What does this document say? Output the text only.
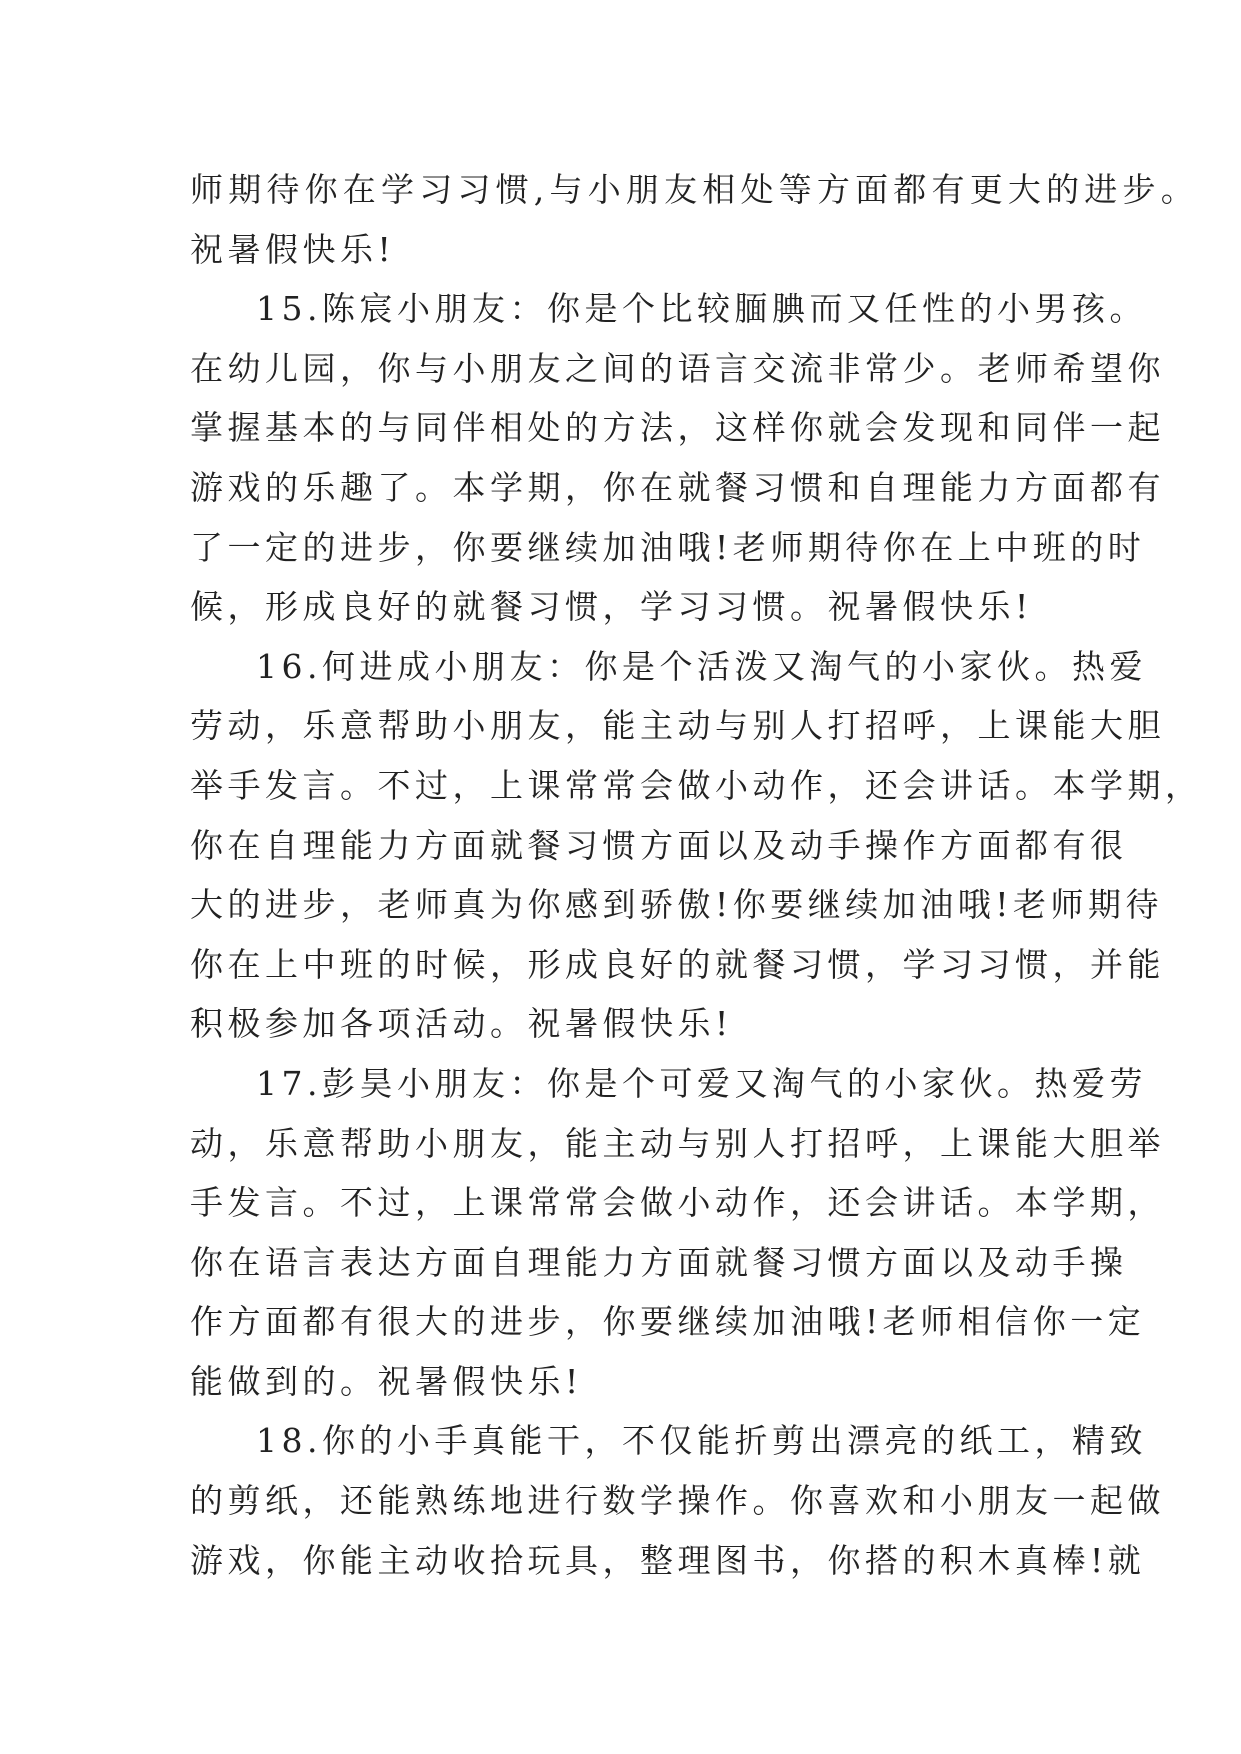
师期待你在学习习惯,与小朋友相处等方面都有更大的进步。
祝暑假快乐!
15.陈宸小朋友：你是个比较腼腆而又任性的小男孩。
在幼儿园，你与小朋友之间的语言交流非常少。老师希望你
掌握基本的与同伴相处的方法，这样你就会发现和同伴一起
游戏的乐趣了。本学期，你在就餐习惯和自理能力方面都有
了一定的进步，你要继续加油哦!老师期待你在上中班的时
候，形成良好的就餐习惯，学习习惯。祝暑假快乐!
16.何进成小朋友：你是个活泼又淘气的小家伙。热爱
劳动，乐意帮助小朋友，能主动与别人打招呼，上课能大胆
举手发言。不过，上课常常会做小动作，还会讲话。本学期，
你在自理能力方面就餐习惯方面以及动手操作方面都有很
大的进步，老师真为你感到骄傲!你要继续加油哦!老师期待
你在上中班的时候，形成良好的就餐习惯，学习习惯，并能
积极参加各项活动。祝暑假快乐!
17.彭昊小朋友：你是个可爱又淘气的小家伙。热爱劳
动，乐意帮助小朋友，能主动与别人打招呼，上课能大胆举
手发言。不过，上课常常会做小动作，还会讲话。本学期，
你在语言表达方面自理能力方面就餐习惯方面以及动手操
作方面都有很大的进步，你要继续加油哦!老师相信你一定
能做到的。祝暑假快乐!
18.你的小手真能干，不仅能折剪出漂亮的纸工，精致
的剪纸，还能熟练地进行数学操作。你喜欢和小朋友一起做
游戏，你能主动收拾玩具，整理图书，你搭的积木真棒!就
